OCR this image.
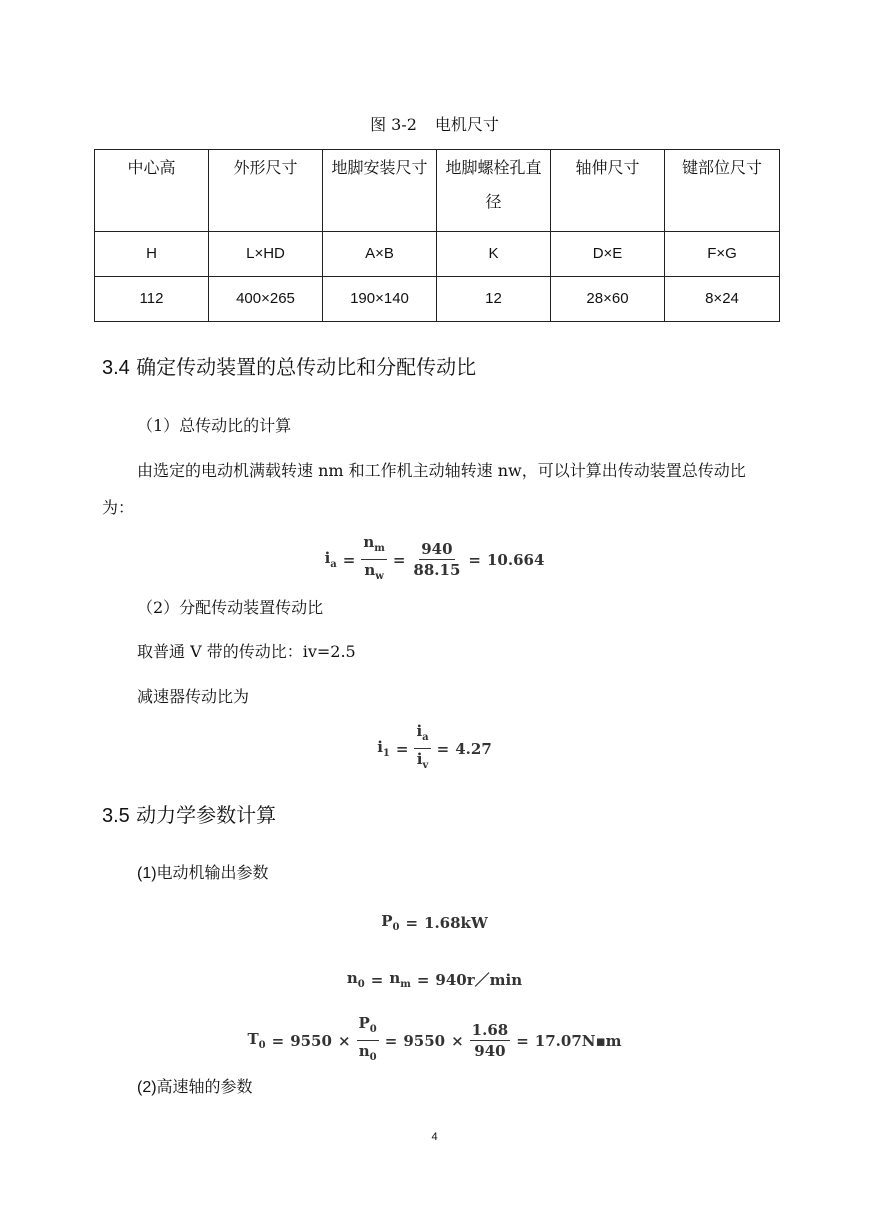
图 3-2 电机尺寸
中心高	外形尺寸	地脚安装尺寸	地脚螺栓孔直径	轴伸尺寸	键部位尺寸
H	L×HD	A×B	K	D×E	F×G
112	400×265	190×140	12	28×60	8×24
3.4 确定传动装置的总传动比和分配传动比
（1）总传动比的计算
由选定的电动机满载转速 nm 和工作机主动轴转速 nw，可以计算出传动装置总传动比
为：
$i_a = \frac{n_m}{n_w} = \frac{940}{88.15} = 10.664$
（2）分配传动装置传动比
取普通 V 带的传动比：iv=2.5
减速器传动比为
$i_1 = \frac{i_a}{i_v} = 4.27$
3.5 动力学参数计算
(1)电动机输出参数
$P_0 = 1.68kW$
$n_0 = n_m$ = 940r／min
$T_0 = 9550 \times \frac{P_0}{n_0} = 9550 \times \frac{1.68}{940}$ = 17.07N▪m
(2)高速轴的参数
4
